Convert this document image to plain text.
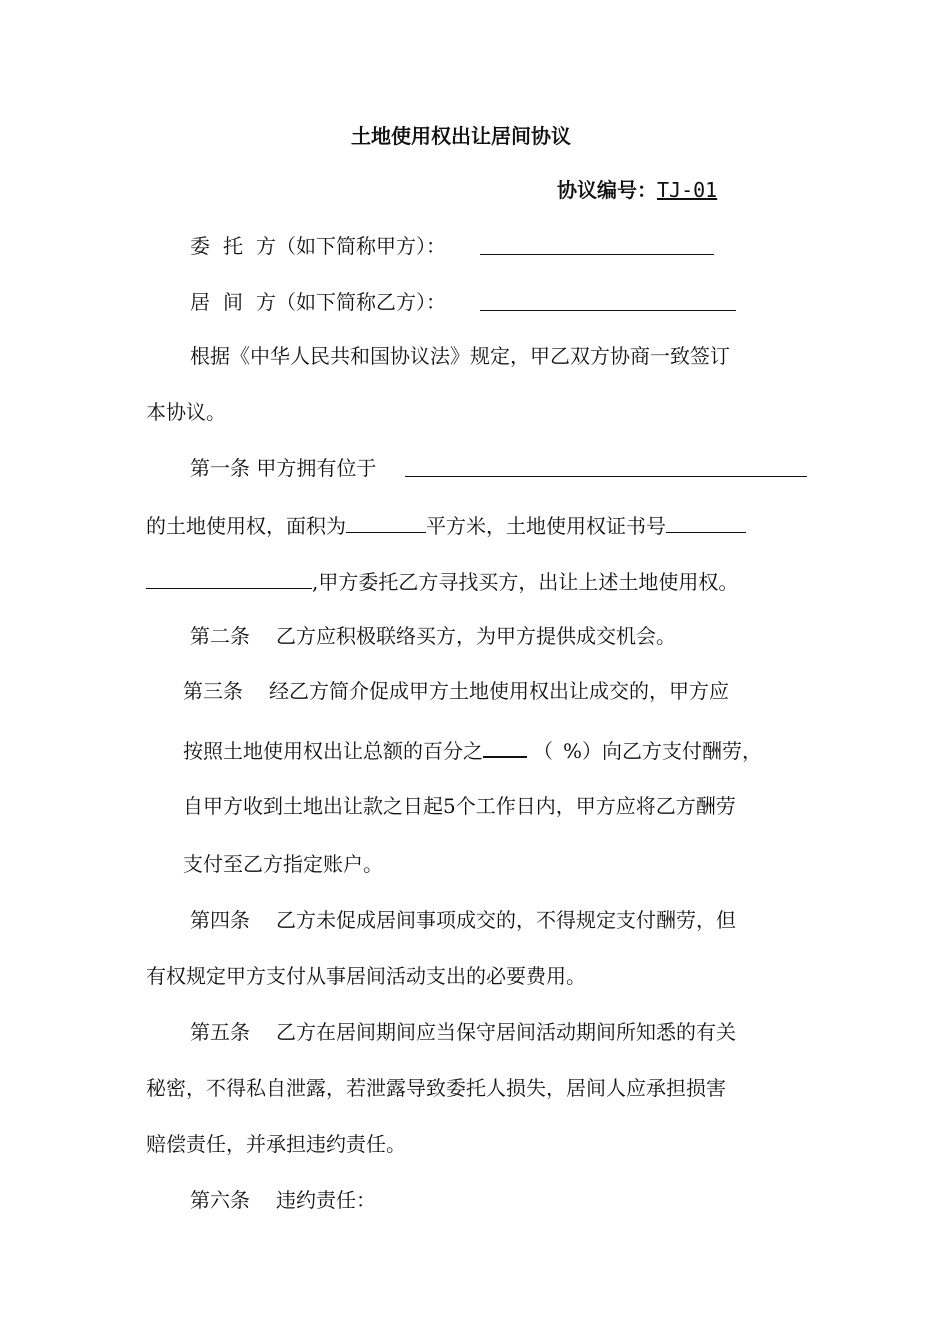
土地使用权出让居间协议
协议编号：TJ-01
委 托 方（如下简称甲方）：
居 间 方（如下简称乙方）：
根据《中华人民共和国协议法》规定，甲乙双方协商一致签订
本协议。
第一条 甲方拥有位于
的土地使用权，面积为	平方米，土地使用权证书号
,甲方委托乙方寻找买方，出让上述土地使用权。
第二条 乙方应积极联络买方，为甲方提供成交机会。
第三条 经乙方简介促成甲方土地使用权出让成交的，甲方应
按照土地使用权出让总额的百分之	（ %）向乙方支付酬劳，
自甲方收到土地出让款之日起5个工作日内，甲方应将乙方酬劳
支付至乙方指定账户。
第四条 乙方未促成居间事项成交的，不得规定支付酬劳，但
有权规定甲方支付从事居间活动支出的必要费用。
第五条 乙方在居间期间应当保守居间活动期间所知悉的有关
秘密，不得私自泄露，若泄露导致委托人损失，居间人应承担损害
赔偿责任，并承担违约责任。
第六条 违约责任：
